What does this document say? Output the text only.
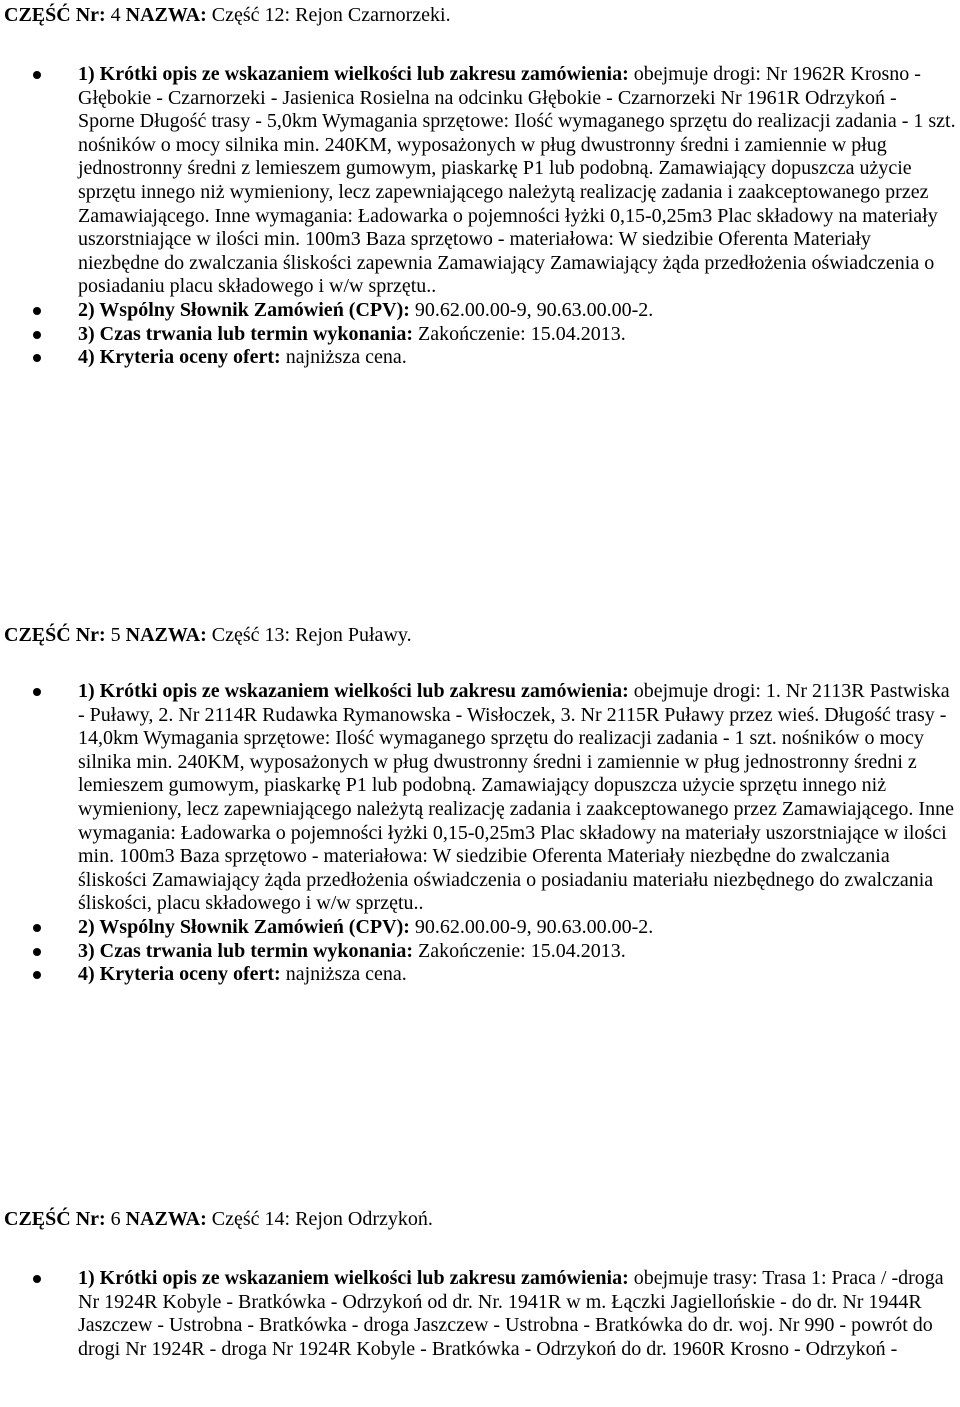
CZĘŚĆ Nr: 4 NAZWA: Część 12: Rejon Czarnorzeki.

1) Krótki opis ze wskazaniem wielkości lub zakresu zamówienia: obejmuje drogi: Nr 1962R Krosno - Głębokie - Czarnorzeki - Jasienica Rosielna na odcinku Głębokie - Czarnorzeki Nr 1961R Odrzykoń - Sporne Długość trasy - 5,0km Wymagania sprzętowe: Ilość wymaganego sprzętu do realizacji zadania - 1 szt. nośników o mocy silnika min. 240KM, wyposażonych w pług dwustronny średni i zamiennie w pług jednostronny średni z lemieszem gumowym, piaskarkę P1 lub podobną. Zamawiający dopuszcza użycie sprzętu innego niż wymieniony, lecz zapewniającego należytą realizację zadania i zaakceptowanego przez Zamawiającego. Inne wymagania: Ładowarka o pojemności łyżki 0,15-0,25m3 Plac składowy na materiały uszorstniające w ilości min. 100m3 Baza sprzętowo - materiałowa: W siedzibie Oferenta Materiały niezbędne do zwalczania śliskości zapewnia Zamawiający Zamawiający żąda przedłożenia oświadczenia o posiadaniu placu składowego i w/w sprzętu..
2) Wspólny Słownik Zamówień (CPV): 90.62.00.00-9, 90.63.00.00-2.
3) Czas trwania lub termin wykonania: Zakończenie: 15.04.2013.
4) Kryteria oceny ofert: najniższa cena.

CZĘŚĆ Nr: 5 NAZWA: Część 13: Rejon Puławy.

1) Krótki opis ze wskazaniem wielkości lub zakresu zamówienia: obejmuje drogi: 1. Nr 2113R Pastwiska - Puławy, 2. Nr 2114R Rudawka Rymanowska - Wisłoczek, 3. Nr 2115R Puławy przez wieś. Długość trasy - 14,0km Wymagania sprzętowe: Ilość wymaganego sprzętu do realizacji zadania - 1 szt. nośników o mocy silnika min. 240KM, wyposażonych w pług dwustronny średni i zamiennie w pług jednostronny średni z lemieszem gumowym, piaskarkę P1 lub podobną. Zamawiający dopuszcza użycie sprzętu innego niż wymieniony, lecz zapewniającego należytą realizację zadania i zaakceptowanego przez Zamawiającego. Inne wymagania: Ładowarka o pojemności łyżki 0,15-0,25m3 Plac składowy na materiały uszorstniające w ilości min. 100m3 Baza sprzętowo - materiałowa: W siedzibie Oferenta Materiały niezbędne do zwalczania śliskości Zamawiający żąda przedłożenia oświadczenia o posiadaniu materiału niezbędnego do zwalczania śliskości, placu składowego i w/w sprzętu..
2) Wspólny Słownik Zamówień (CPV): 90.62.00.00-9, 90.63.00.00-2.
3) Czas trwania lub termin wykonania: Zakończenie: 15.04.2013.
4) Kryteria oceny ofert: najniższa cena.

CZĘŚĆ Nr: 6 NAZWA: Część 14: Rejon Odrzykoń.

1) Krótki opis ze wskazaniem wielkości lub zakresu zamówienia: obejmuje trasy: Trasa 1: Praca / -droga Nr 1924R Kobyle - Bratkówka - Odrzykoń od dr. Nr. 1941R w m. Łączki Jagiellońskie - do dr. Nr 1944R Jaszczew - Ustrobna - Bratkówka - droga Jaszczew - Ustrobna - Bratkówka do dr. woj. Nr 990 - powrót do drogi Nr 1924R - droga Nr 1924R Kobyle - Bratkówka - Odrzykoń do dr. 1960R Krosno - Odrzykoń -
